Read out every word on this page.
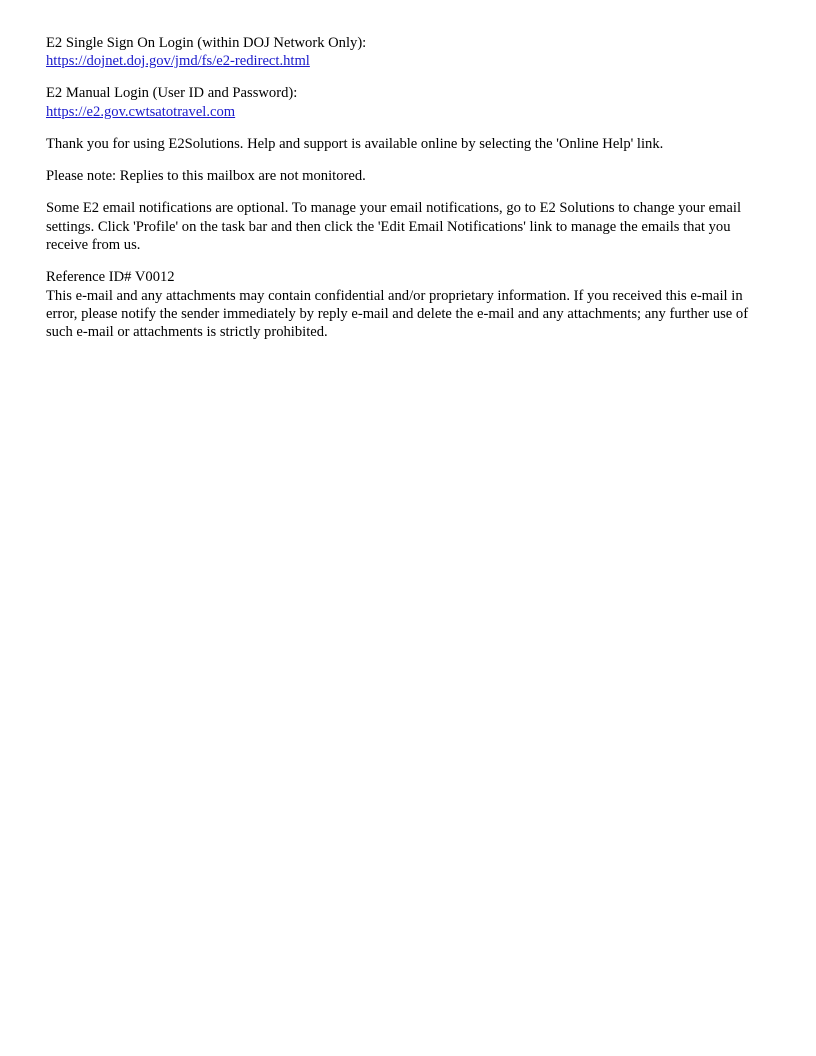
E2 Single Sign On Login (within DOJ Network Only):
https://dojnet.doj.gov/jmd/fs/e2-redirect.html
E2 Manual Login (User ID and Password):
https://e2.gov.cwtsatotravel.com
Thank you for using E2Solutions. Help and support is available online by selecting the 'Online Help' link.
Please note: Replies to this mailbox are not monitored.
Some E2 email notifications are optional. To manage your email notifications, go to E2 Solutions to change your email settings. Click 'Profile' on the task bar and then click the 'Edit Email Notifications' link to manage the emails that you receive from us.
Reference ID# V0012
This e-mail and any attachments may contain confidential and/or proprietary information. If you received this e-mail in error, please notify the sender immediately by reply e-mail and delete the e-mail and any attachments; any further use of such e-mail or attachments is strictly prohibited.
